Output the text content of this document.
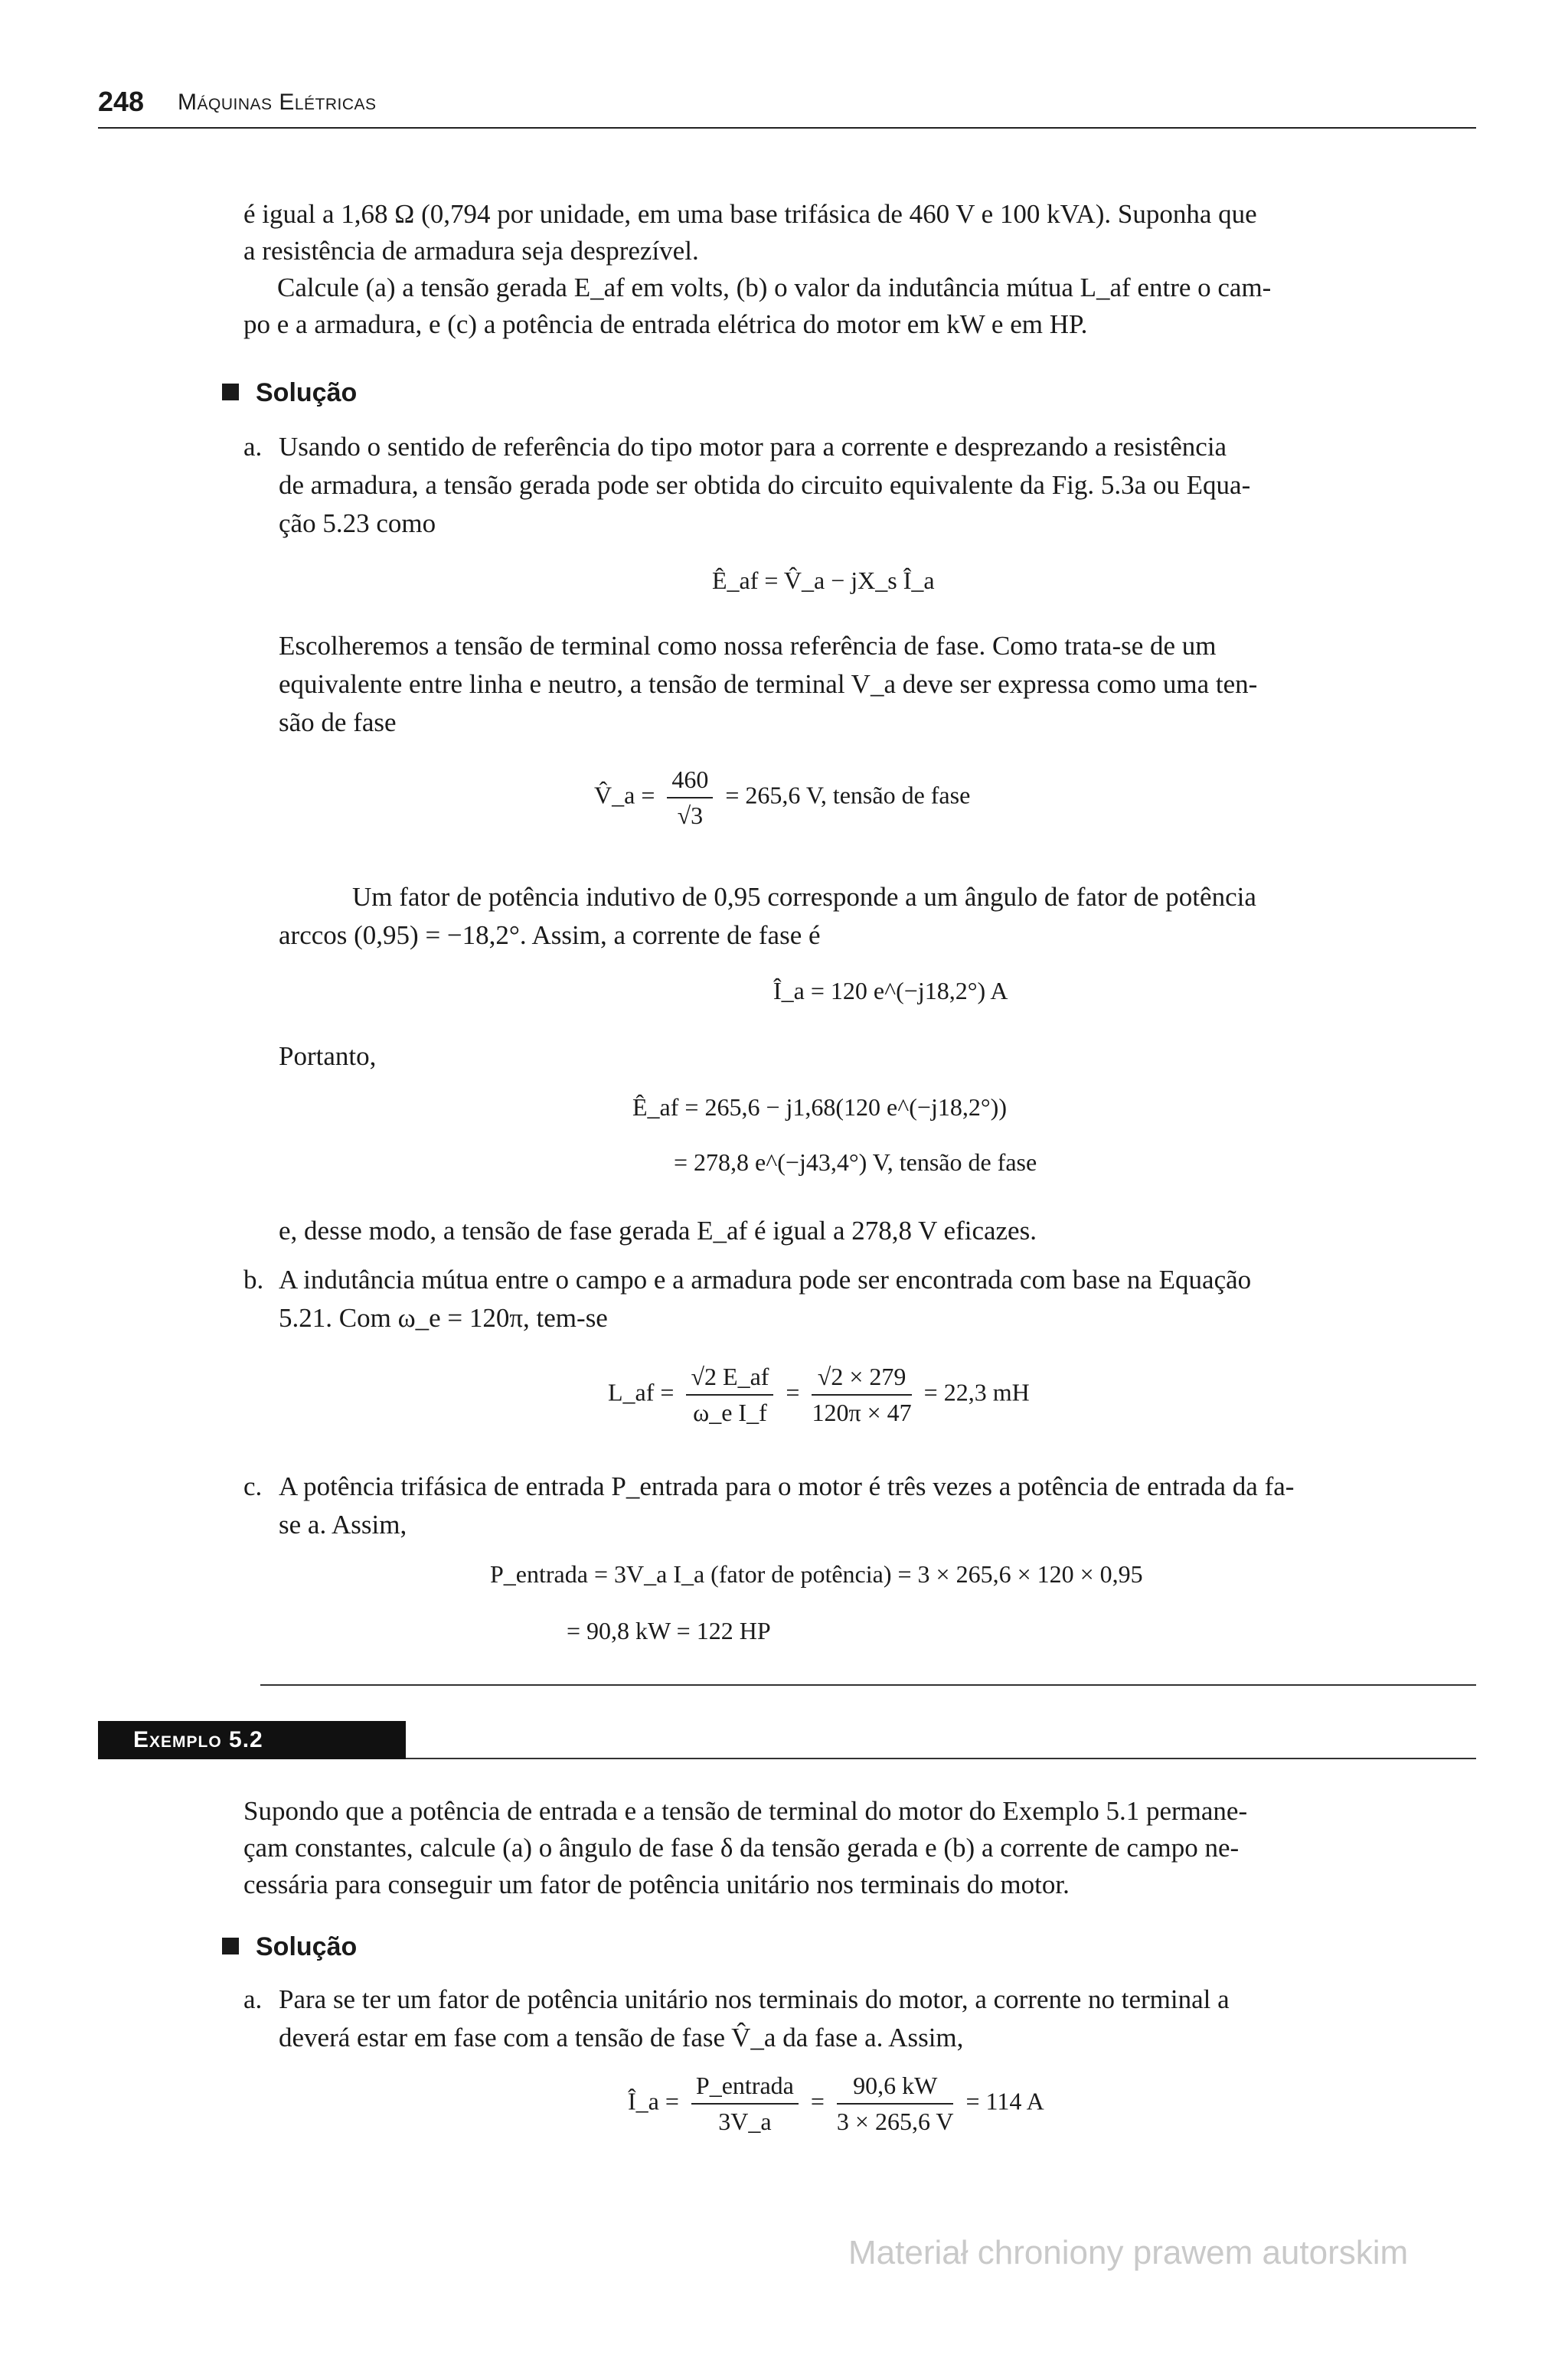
248 Máquinas Elétricas
é igual a 1,68 Ω (0,794 por unidade, em uma base trifásica de 460 V e 100 kVA). Suponha que
a resistência de armadura seja desprezível.
Calcule (a) a tensão gerada E_af em volts, (b) o valor da indutância mútua L_af entre o cam-
po e a armadura, e (c) a potência de entrada elétrica do motor em kW e em HP.
Solução
a. Usando o sentido de referência do tipo motor para a corrente e desprezando a resistência
de armadura, a tensão gerada pode ser obtida do circuito equivalente da Fig. 5.3a ou Equa-
ção 5.23 como
Ê_af = V̂_a − jX_s Î_a
Escolheremos a tensão de terminal como nossa referência de fase. Como trata-se de um
equivalente entre linha e neutro, a tensão de terminal V_a deve ser expressa como uma ten-
são de fase
V̂_a = $\frac{460}{√3} = 265,6$ V, tensão de fase
Um fator de potência indutivo de 0,95 corresponde a um ângulo de fator de potência
arccos (0,95) = −18,2°. Assim, a corrente de fase é
Î_a = 120 e^(−j18,2°) A
Portanto,
Ê_af = 265,6 − j1,68(120 e^(−j18,2°))
= 278,8 e^(−j43,4°) V, tensão de fase
e, desse modo, a tensão de fase gerada E_af é igual a 278,8 V eficazes.
b. A indutância mútua entre o campo e a armadura pode ser encontrada com base na Equação
5.21. Com ω_e = 120π, tem-se
L_af = $\frac{√2 E\_af}{\text{ω\_e I\_f}} = \frac{√2 \times 279}{120\pi \times 47} = 22,3$ mH
c. A potência trifásica de entrada P_entrada para o motor é três vezes a potência de entrada da fa-
se a. Assim,
P_entrada = 3V_a I_a (fator de potência) = 3 × 265,6 × 120 × 0,95
= 90,8 kW = 122 HP
Exemplo 5.2
Supondo que a potência de entrada e a tensão de terminal do motor do Exemplo 5.1 permane-
çam constantes, calcule (a) o ângulo de fase δ da tensão gerada e (b) a corrente de campo ne-
cessária para conseguir um fator de potência unitário nos terminais do motor.
Solução
a. Para se ter um fator de potência unitário nos terminais do motor, a corrente no terminal a
deverá estar em fase com a tensão de fase V̂_a da fase a. Assim,
Î_a = $\frac{\text{P\_entrada}}{3V\_a} = \frac{90,6 kW}{3 \times 265,6 V} = 114$ A
Materiał chroniony prawem autorskim
